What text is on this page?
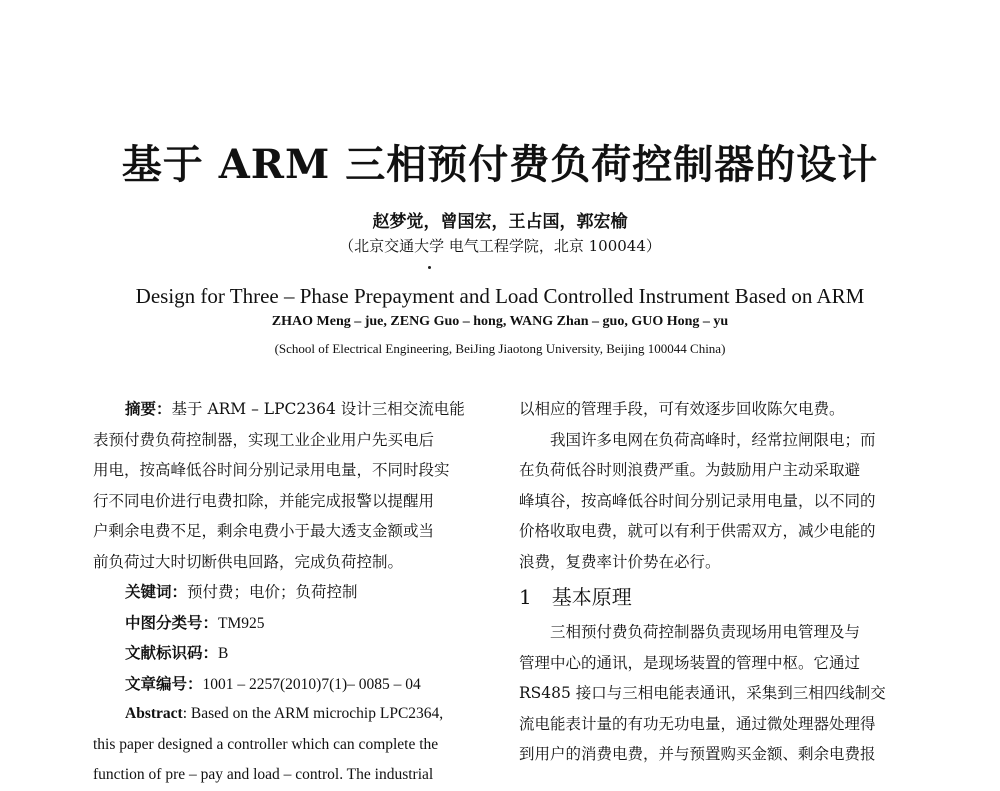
基于 ARM 三相预付费负荷控制器的设计
赵梦觉，曾国宏，王占国，郭宏榆
（北京交通大学 电气工程学院，北京 100044）
Design for Three – Phase Prepayment and Load Controlled Instrument Based on ARM
ZHAO Meng – jue, ZENG Guo – hong, WANG Zhan – guo, GUO Hong – yu
(School of Electrical Engineering, BeiJing Jiaotong University, Beijing 100044 China)
摘要：基于 ARM – LPC2364 设计三相交流电能
表预付费负荷控制器，实现工业企业用户先买电后
用电，按高峰低谷时间分别记录用电量，不同时段实
行不同电价进行电费扣除，并能完成报警以提醒用
户剩余电费不足，剩余电费小于最大透支金额或当
前负荷过大时切断供电回路，完成负荷控制。
关键词：预付费；电价；负荷控制
中图分类号：TM925
文献标识码：B
文章编号：1001 – 2257(2010)7(1)– 0085 – 04
Abstract: Based on the ARM microchip LPC2364,
this paper designed a controller which can complete the
function of pre – pay and load – control. The industrial
以相应的管理手段，可有效逐步回收陈欠电费。
　　我国许多电网在负荷高峰时，经常拉闸限电；而
在负荷低谷时则浪费严重。为鼓励用户主动采取避
峰填谷，按高峰低谷时间分别记录用电量，以不同的
价格收取电费，就可以有利于供需双方，减少电能的
浪费，复费率计价势在必行。
1　基本原理
　　三相预付费负荷控制器负责现场用电管理及与
管理中心的通讯，是现场装置的管理中枢。它通过
RS485 接口与三相电能表通讯，采集到三相四线制交
流电能表计量的有功无功电量，通过微处理器处理得
到用户的消费电费，并与预置购买金额、剩余电费报
